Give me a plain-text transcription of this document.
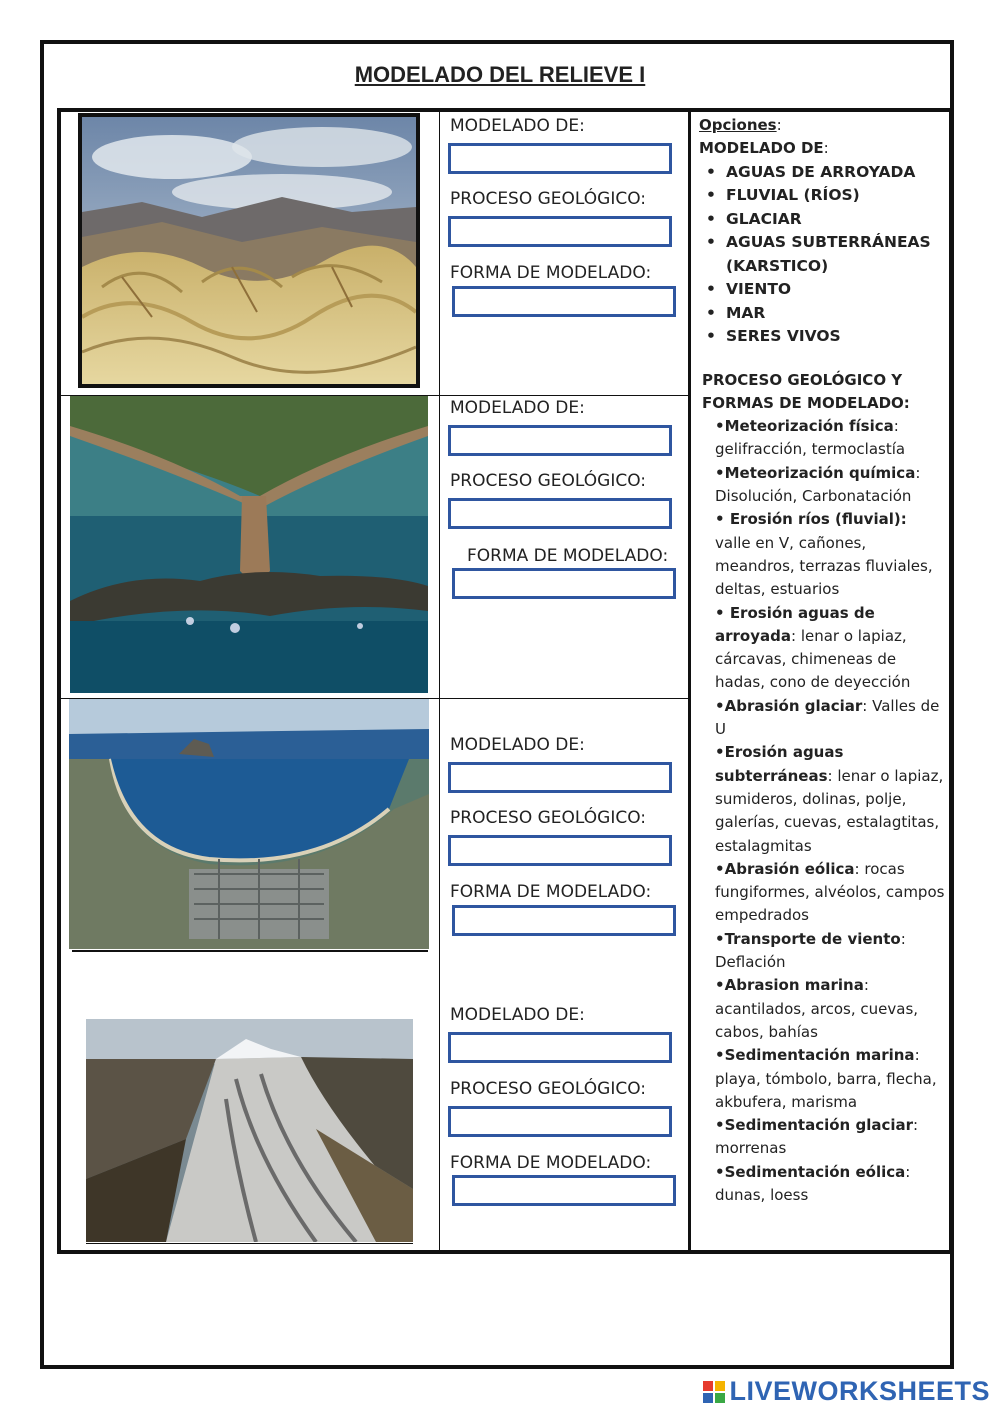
MODELADO DEL RELIEVE I
MODELADO DE:
PROCESO GEOLÓGICO:
FORMA DE MODELADO:
MODELADO DE:
PROCESO GEOLÓGICO:
FORMA DE MODELADO:
MODELADO DE:
PROCESO GEOLÓGICO:
FORMA DE MODELADO:
MODELADO DE:
PROCESO GEOLÓGICO:
FORMA DE MODELADO:
Opciones:
MODELADO DE:
• AGUAS DE ARROYADA
• FLUVIAL (RÍOS)
• GLACIAR
• AGUAS SUBTERRÁNEAS (KARSTICO)
• VIENTO
• MAR
• SERES VIVOS
PROCESO GEOLÓGICO Y
FORMAS DE MODELADO:
•Meteorización física: gelifracción, termoclastía
•Meteorización química: Disolución, Carbonatación
• Erosión ríos (fluvial): valle en V, cañones, meandros, terrazas fluviales, deltas, estuarios
• Erosión aguas de arroyada: lenar o lapiaz, cárcavas, chimeneas de hadas, cono de deyección
•Abrasión glaciar: Valles de U
•Erosión aguas subterráneas: lenar o lapiaz, sumideros, dolinas, polje, galerías, cuevas, estalagtitas, estalagmitas
•Abrasión eólica: rocas fungiformes, alvéolos, campos empedrados
•Transporte de viento: Deflación
•Abrasion marina: acantilados, arcos, cuevas, cabos, bahías
•Sedimentación marina: playa, tómbolo, barra, flecha, akbufera, marisma
•Sedimentación glaciar: morrenas
•Sedimentación eólica: dunas, loess
LIVEWORKSHEETS
